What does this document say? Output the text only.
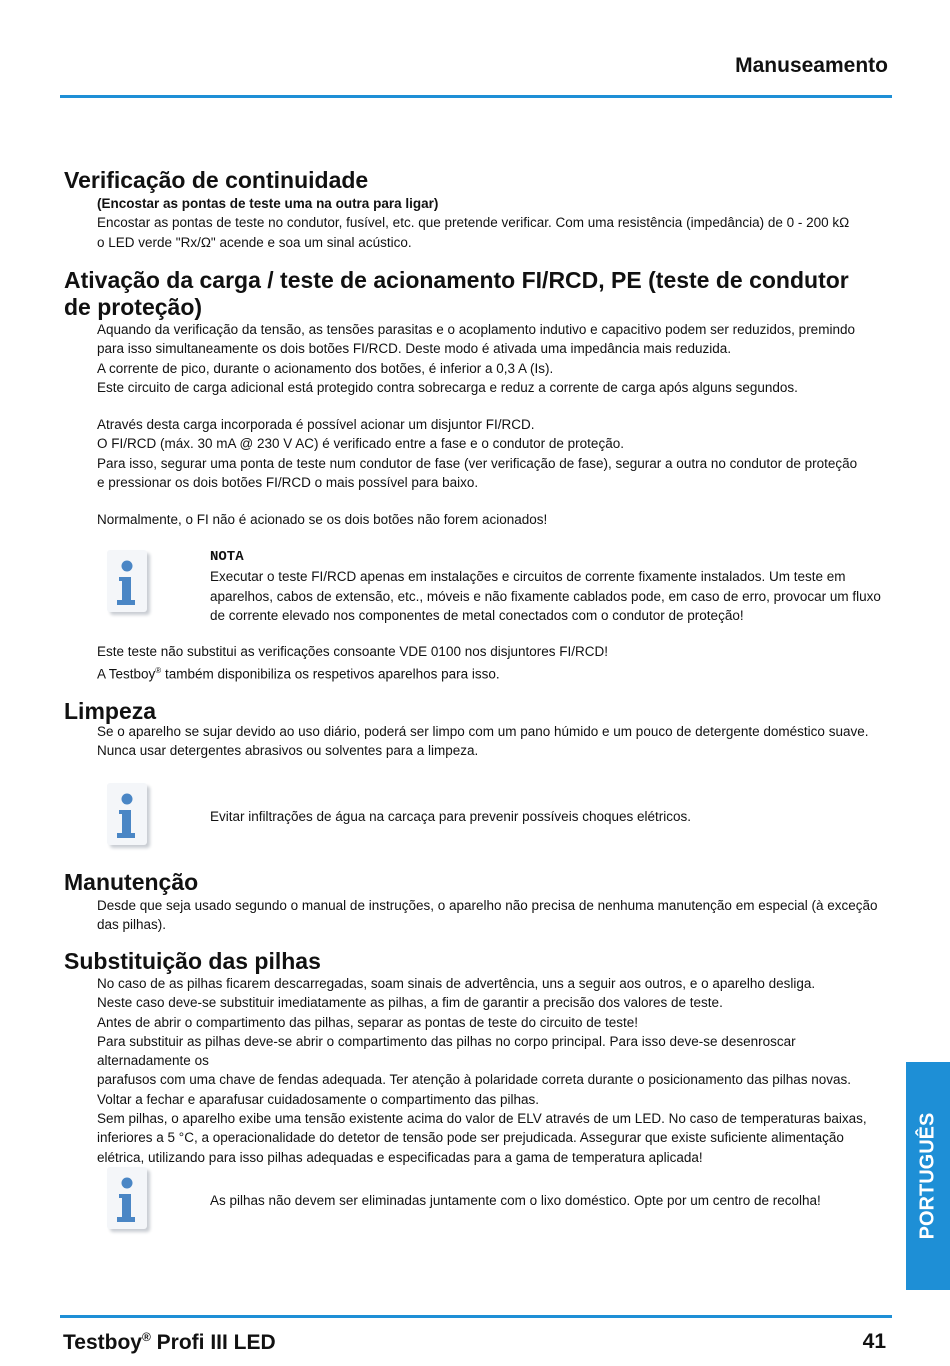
Manuseamento
Verificação de continuidade

(Encostar as pontas de teste uma na outra para ligar)

Encostar as pontas de teste no condutor, fusível, etc. que pretende verificar. Com uma resistência (impedância) de 0 - 200 kΩ

o LED verde "Rx/Ω" acende e soa um sinal acústico.

Ativação da carga / teste de acionamento FI/RCD, PE (teste de condutor
de proteção)

Aquando da verificação da tensão, as tensões parasitas e o acoplamento indutivo e capacitivo podem ser reduzidos, premindo

para isso simultaneamente os dois botões FI/RCD. Deste modo é ativada uma impedância mais reduzida.

A corrente de pico, durante o acionamento dos botões, é inferior a 0,3 A (Is).

Este circuito de carga adicional está protegido contra sobrecarga e reduz a corrente de carga após alguns segundos.

Através desta carga incorporada é possível acionar um disjuntor FI/RCD.

O FI/RCD (máx. 30 mA @ 230 V AC) é verificado entre a fase e o condutor de proteção.

Para isso, segurar uma ponta de teste num condutor de fase (ver verificação de fase), segurar a outra no condutor de proteção

e pressionar os dois botões FI/RCD o mais possível para baixo.

Normalmente, o FI não é acionado se os dois botões não forem acionados!

NOTA

Executar o teste FI/RCD apenas em instalações e circuitos de corrente fixamente instalados. Um teste em

aparelhos, cabos de extensão, etc., móveis e não fixamente cablados pode, em caso de erro, provocar um fluxo

de corrente elevado nos componentes de metal conectados com o condutor de proteção!

Este teste não substitui as verificações consoante VDE 0100 nos disjuntores FI/RCD!

A Testboy® também disponibiliza os respetivos aparelhos para isso.

Limpeza

Se o aparelho se sujar devido ao uso diário, poderá ser limpo com um pano húmido e um pouco de detergente doméstico suave.

Nunca usar detergentes abrasivos ou solventes para a limpeza.

Evitar infiltrações de água na carcaça para prevenir possíveis choques elétricos.

Manutenção

Desde que seja usado segundo o manual de instruções, o aparelho não precisa de nenhuma manutenção em especial (à exceção

das pilhas).

Substituição das pilhas

No caso de as pilhas ficarem descarregadas, soam sinais de advertência, uns a seguir aos outros, e o aparelho desliga.

Neste caso deve-se substituir imediatamente as pilhas, a fim de garantir a precisão dos valores de teste.

Antes de abrir o compartimento das pilhas, separar as pontas de teste do circuito de teste!

Para substituir as pilhas deve-se abrir o compartimento das pilhas no corpo principal. Para isso deve-se desenroscar alternadamente os

parafusos com uma chave de fendas adequada. Ter atenção à polaridade correta durante o posicionamento das pilhas novas.

Voltar a fechar e aparafusar cuidadosamente o compartimento das pilhas.

Sem pilhas, o aparelho exibe uma tensão existente acima do valor de ELV através de um LED. No caso de temperaturas baixas,

inferiores a 5 °C, a operacionalidade do detetor de tensão pode ser prejudicada. Assegurar que existe suficiente alimentação

elétrica, utilizando para isso pilhas adequadas e especificadas para a gama de temperatura aplicada!

As pilhas não devem ser eliminadas juntamente com o lixo doméstico. Opte por um centro de recolha!	PORTUGUÊS
Testboy® Profi III LED	41
